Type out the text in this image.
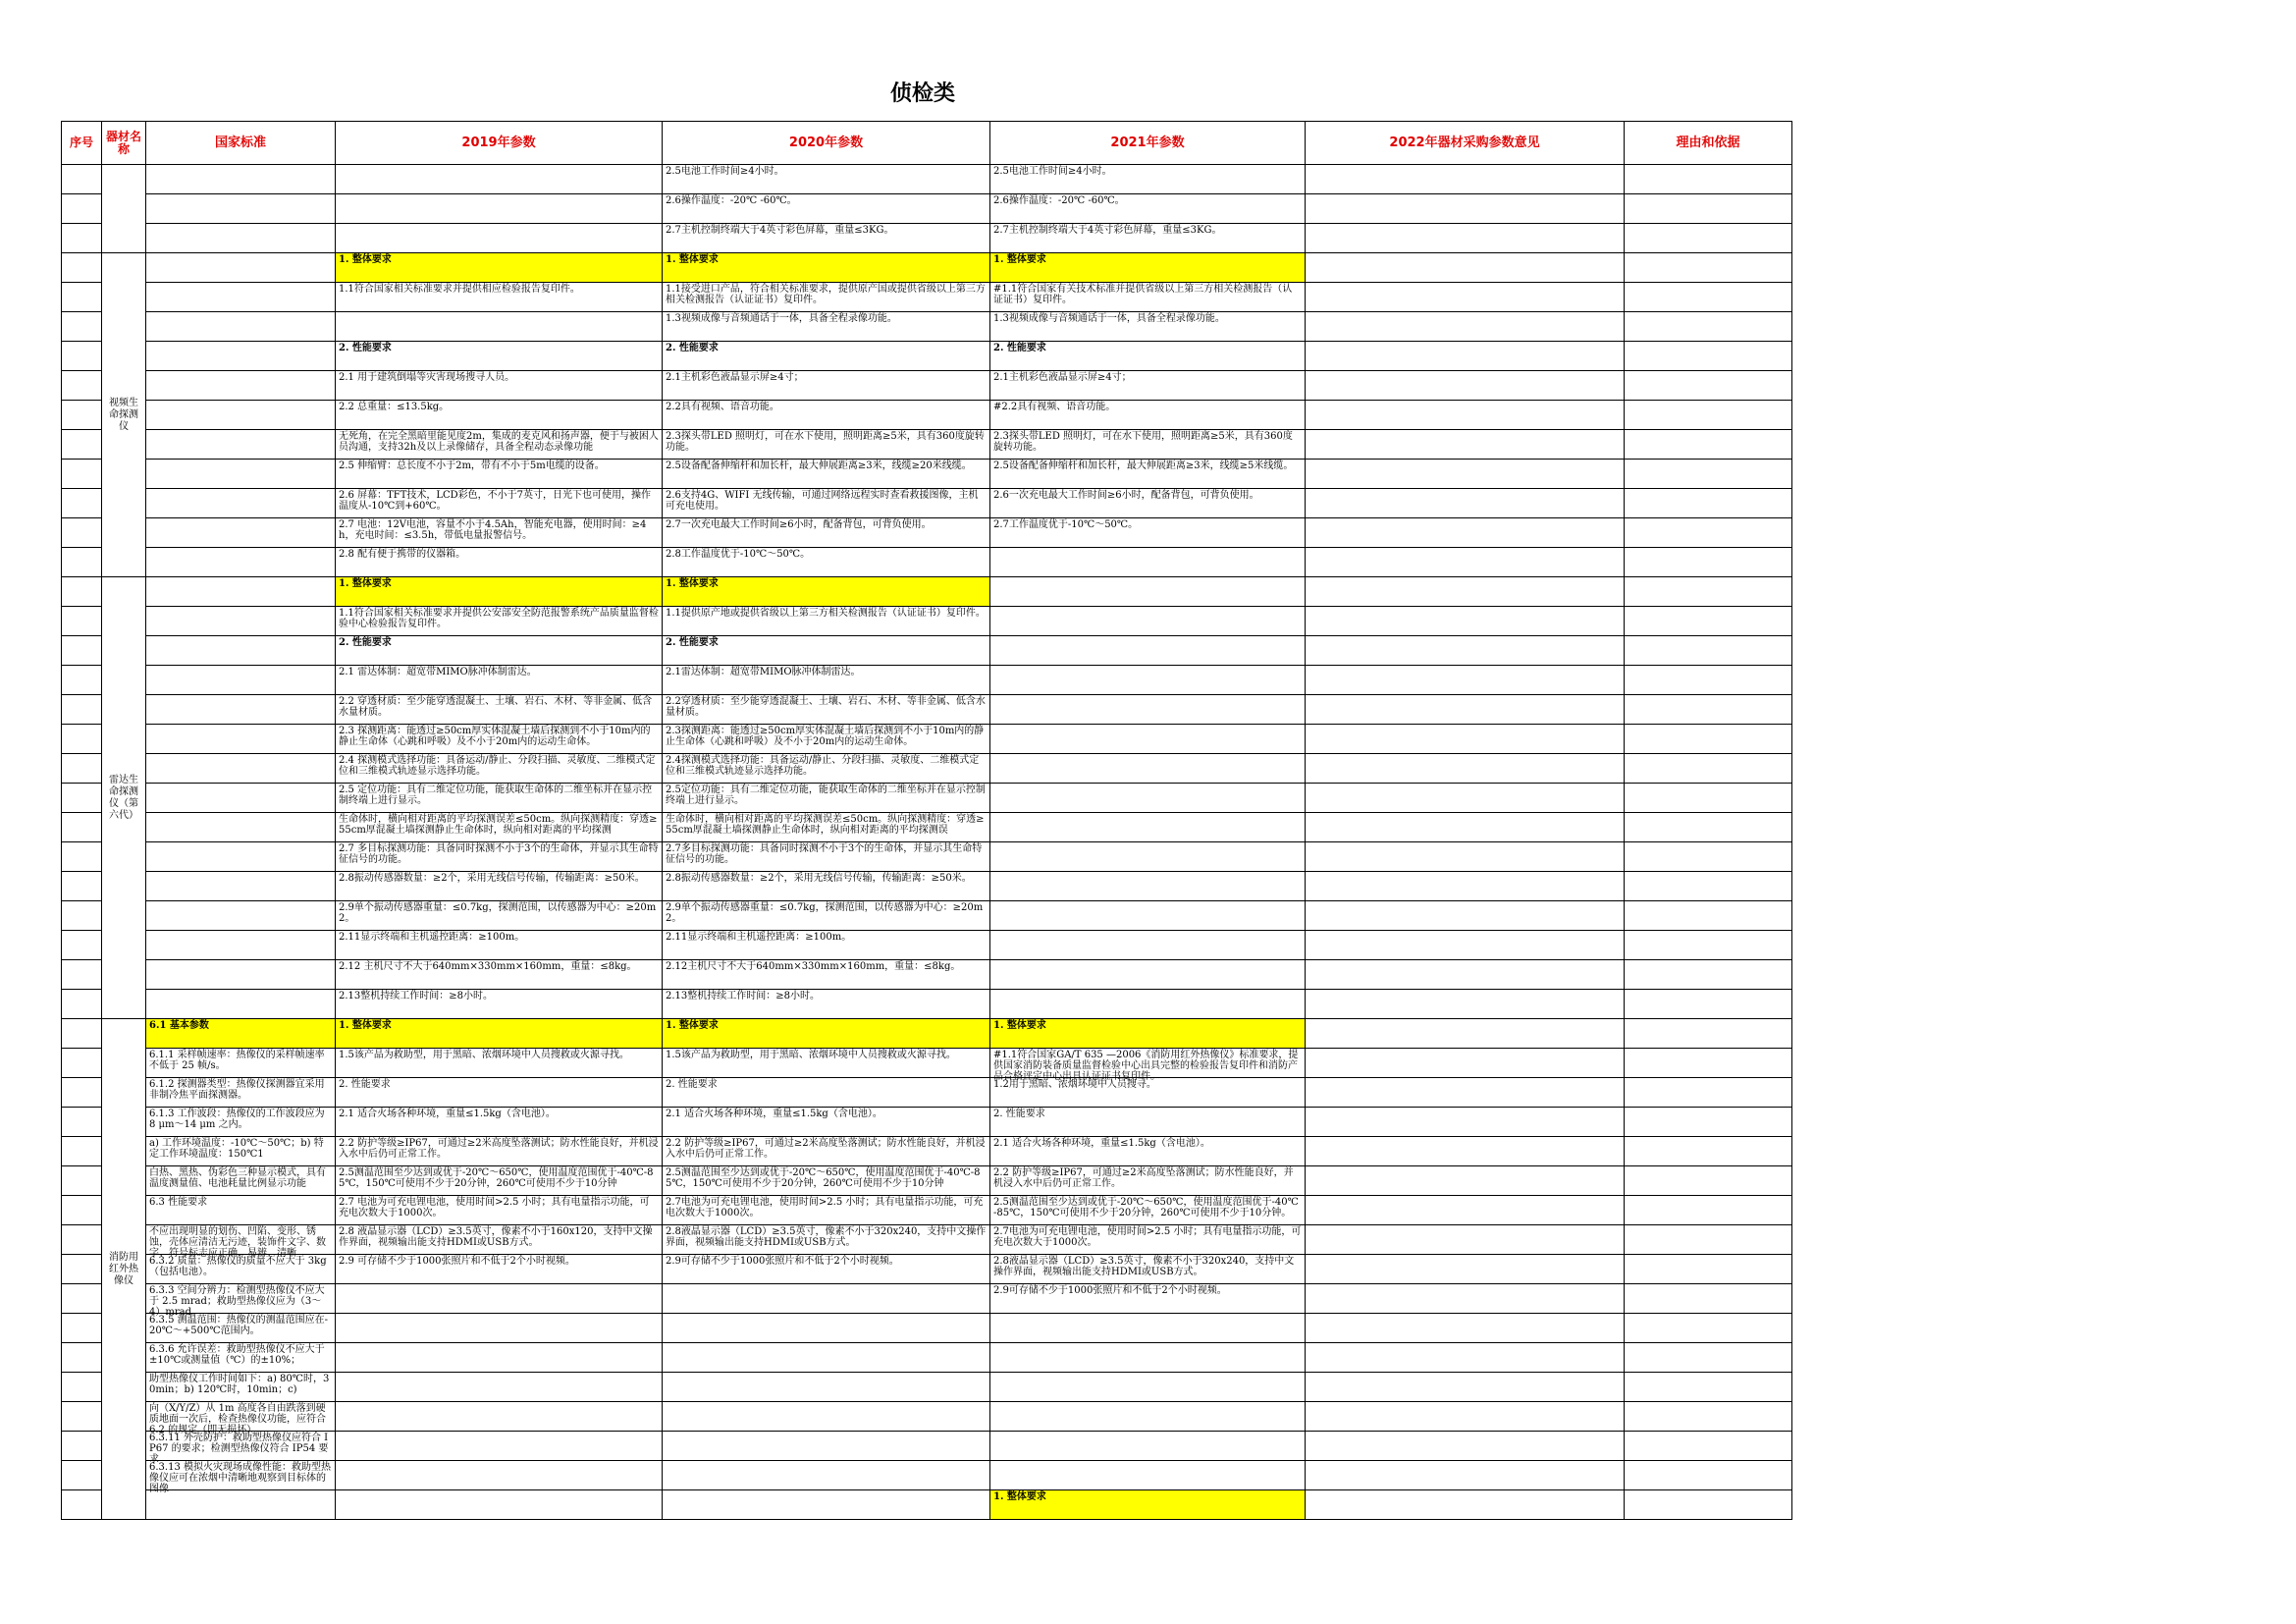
侦检类
序号	器材名称	国家标准	2019年参数	2020年参数	2021年参数	2022年器材采购参数意见	理由和依据

				2.5电池工作时间≥4小时。	2.5电池工作时间≥4小时。		

				2.6操作温度：-20℃ -60℃。	2.6操作温度：-20℃ -60℃。		

				2.7主机控制终端大于4英寸彩色屏幕，重量≤3KG。	2.7主机控制终端大于4英寸彩色屏幕，重量≤3KG。		

	视频生命探测仪		1. 整体要求	1. 整体要求	1. 整体要求		

			1.1符合国家相关标准要求并提供相应检验报告复印件。	1.1接受进口产品，符合相关标准要求，提供原产国或提供省级以上第三方相关检测报告（认证证书）复印件。	#1.1符合国家有关技术标准并提供省级以上第三方相关检测报告（认证证书）复印件。		

				1.3视频成像与音频通话于一体，具备全程录像功能。	1.3视频成像与音频通话于一体，具备全程录像功能。		

			2. 性能要求	2. 性能要求	2. 性能要求		

			2.1 用于建筑倒塌等灾害现场搜寻人员。	2.1主机彩色液晶显示屏≥4寸；	2.1主机彩色液晶显示屏≥4寸；		

			2.2 总重量：≤13.5kg。	2.2具有视频、语音功能。	#2.2具有视频、语音功能。		

			无死角，在完全黑暗里能见度2m，集成的麦克风和扬声器，便于与被困人员沟通，支持32h及以上录像储存，具备全程动态录像功能	2.3探头带LED 照明灯，可在水下使用，照明距离≥5米，具有360度旋转功能。	2.3探头带LED 照明灯，可在水下使用，照明距离≥5米，具有360度旋转功能。		

			2.5 伸缩臂：总长度不小于2m，带有不小于5m电缆的设备。	2.5设备配备伸缩杆和加长杆，最大伸展距离≥3米，线缆≥20米线缆。	2.5设备配备伸缩杆和加长杆，最大伸展距离≥3米，线缆≥5米线缆。		

			2.6 屏幕：TFT技术，LCD彩色，不小于7英寸，日光下也可使用，操作温度从-10℃到+60℃。	2.6支持4G、WIFI 无线传输，可通过网络远程实时查看救援图像，主机可充电使用。	2.6一次充电最大工作时间≥6小时，配备背包，可背负使用。		

			2.7 电池：12V电池，容量不小于4.5Ah，智能充电器，使用时间：≥4h，充电时间：≤3.5h，带低电量报警信号。	2.7一次充电最大工作时间≥6小时，配备背包，可背负使用。	2.7工作温度优于-10℃～50℃。		

			2.8 配有便于携带的仪器箱。	2.8工作温度优于-10℃～50℃。			

	雷达生命探测仪（第六代）		1. 整体要求	1. 整体要求			

			1.1符合国家相关标准要求并提供公安部安全防范报警系统产品质量监督检验中心检验报告复印件。	1.1提供原产地或提供省级以上第三方相关检测报告（认证证书）复印件。			

			2. 性能要求	2. 性能要求			

			2.1 雷达体制：超宽带MIMO脉冲体制雷达。	2.1雷达体制：超宽带MIMO脉冲体制雷达。			

			2.2 穿透材质：至少能穿透混凝土、土壤、岩石、木材、等非金属、低含水量材质。	2.2穿透材质：至少能穿透混凝土、土壤、岩石、木材、等非金属、低含水量材质。			

			2.3 探测距离：能透过≥50cm厚实体混凝土墙后探测到不小于10m内的静止生命体（心跳和呼吸）及不小于20m内的运动生命体。	2.3探测距离：能透过≥50cm厚实体混凝土墙后探测到不小于10m内的静止生命体（心跳和呼吸）及不小于20m内的运动生命体。			

			2.4 探测模式选择功能：具备运动/静止、分段扫描、灵敏度、二维模式定位和三维模式轨迹显示选择功能。	2.4探测模式选择功能：具备运动/静止、分段扫描、灵敏度、二维模式定位和三维模式轨迹显示选择功能。			

			2.5 定位功能：具有二维定位功能，能获取生命体的二维坐标并在显示控制终端上进行显示。	2.5定位功能：具有二维定位功能，能获取生命体的二维坐标并在显示控制终端上进行显示。			

			生命体时，横向相对距离的平均探测误差≤50cm。纵向探测精度：穿透≥55cm厚混凝土墙探测静止生命体时，纵向相对距离的平均探测	生命体时，横向相对距离的平均探测误差≤50cm。纵向探测精度：穿透≥55cm厚混凝土墙探测静止生命体时，纵向相对距离的平均探测误			

			2.7 多目标探测功能：具备同时探测不小于3个的生命体，并显示其生命特征信号的功能。	2.7多目标探测功能：具备同时探测不小于3个的生命体，并显示其生命特征信号的功能。			

			2.8振动传感器数量：≥2个，采用无线信号传输，传输距离：≥50米。	2.8振动传感器数量：≥2个，采用无线信号传输，传输距离：≥50米。			

			2.9单个振动传感器重量：≤0.7kg，探测范围，以传感器为中心：≥20m2。	2.9单个振动传感器重量：≤0.7kg，探测范围，以传感器为中心：≥20m2。			

			2.11显示终端和主机遥控距离：≥100m。	2.11显示终端和主机遥控距离：≥100m。			

			2.12 主机尺寸不大于640mm×330mm×160mm，重量：≤8kg。	2.12主机尺寸不大于640mm×330mm×160mm，重量：≤8kg。			

			2.13整机持续工作时间：≥8小时。	2.13整机持续工作时间：≥8小时。			

	消防用红外热像仪	6.1 基本参数	1. 整体要求	1. 整体要求	1. 整体要求		

		6.1.1 采样帧速率：热像仪的采样帧速率不低于 25 帧/s。	1.5该产品为救助型，用于黑暗、浓烟环境中人员搜救或火源寻找。	1.5该产品为救助型，用于黑暗、浓烟环境中人员搜救或火源寻找。	#1.1符合国家GA/T 635 —2006《消防用红外热像仪》标准要求，提供国家消防装备质量监督检验中心出具完整的检验报告复印件和消防产品合格评定中心出具认证证书复印件。		

		6.1.2 探测器类型：热像仪探测器宜采用非制冷焦平面探测器。	2. 性能要求	2. 性能要求	1.2用于黑暗、浓烟环境中人员搜寻。		

		6.1.3 工作波段：热像仪的工作波段应为 8 μm～14 μm 之内。	2.1 适合火场各种环境，重量≤1.5kg（含电池）。	2.1 适合火场各种环境，重量≤1.5kg（含电池）。	2. 性能要求		

		a) 工作环境温度：-10℃～50℃；b) 特定工作环境温度：150℃1	2.2 防护等级≥IP67，可通过≥2米高度坠落测试；防水性能良好，并机浸入水中后仍可正常工作。	2.2 防护等级≥IP67，可通过≥2米高度坠落测试；防水性能良好，并机浸入水中后仍可正常工作。	2.1 适合火场各种环境，重量≤1.5kg（含电池）。		

		白热、黑热、伪彩色三种显示模式，具有温度测量值、电池耗量比例显示功能	2.5测温范围至少达到或优于-20℃～650℃，使用温度范围优于-40℃-85℃，150℃可使用不少于20分钟，260℃可使用不少于10分钟	2.5测温范围至少达到或优于-20℃～650℃，使用温度范围优于-40℃-85℃，150℃可使用不少于20分钟，260℃可使用不少于10分钟	2.2 防护等级≥IP67，可通过≥2米高度坠落测试；防水性能良好，并机浸入水中后仍可正常工作。		

		6.3 性能要求	2.7 电池为可充电锂电池，使用时间>2.5 小时；具有电量指示功能，可充电次数大于1000次。	2.7电池为可充电锂电池，使用时间>2.5 小时；具有电量指示功能，可充电次数大于1000次。	2.5测温范围至少达到或优于-20℃～650℃，使用温度范围优于-40℃-85℃，150℃可使用不少于20分钟，260℃可使用不少于10分钟。		

		不应出现明显的划伤、凹陷、变形、锈蚀，壳体应清洁无污迹，装饰件文字、数字、符号标志应正确、易辨、清晰	2.8 液晶显示器（LCD）≥3.5英寸，像素不小于160x120，支持中文操作界面，视频输出能支持HDMI或USB方式。	2.8液晶显示器（LCD）≥3.5英寸，像素不小于320x240，支持中文操作界面，视频输出能支持HDMI或USB方式。	2.7电池为可充电锂电池，使用时间>2.5 小时；具有电量指示功能，可充电次数大于1000次。		

		6.3.2 质量：热像仪的质量不应大于 3kg（包括电池）。	2.9 可存储不少于1000张照片和不低于2个小时视频。	2.9可存储不少于1000张照片和不低于2个小时视频。	2.8液晶显示器（LCD）≥3.5英寸，像素不小于320x240，支持中文操作界面，视频输出能支持HDMI或USB方式。		

		6.3.3 空间分辨力：检测型热像仪不应大于 2.5 mrad；救助型热像仪应为（3～4）mrad。			2.9可存储不少于1000张照片和不低于2个小时视频。		

		6.3.5 测温范围：热像仪的测温范围应在-20℃～+500℃范围内。					

		6.3.6 允许误差：救助型热像仪不应大于±10℃或测量值（℃）的±10%；					

		助型热像仪工作时间如下：a) 80℃时，30min；b) 120℃时，10min；c)					

		向（X/Y/Z）从 1m 高度各自由跌落到硬质地面一次后，检查热像仪功能，应符合 6.2 的规定（即无损坏）。					

		6.3.11 外壳防护：救助型热像仪应符合 IP67 的要求；检测型热像仪符合 IP54 要求					

		6.3.13 模拟火灾现场成像性能：救助型热像仪应可在浓烟中清晰地观察到目标体的图像					

					1. 整体要求		
